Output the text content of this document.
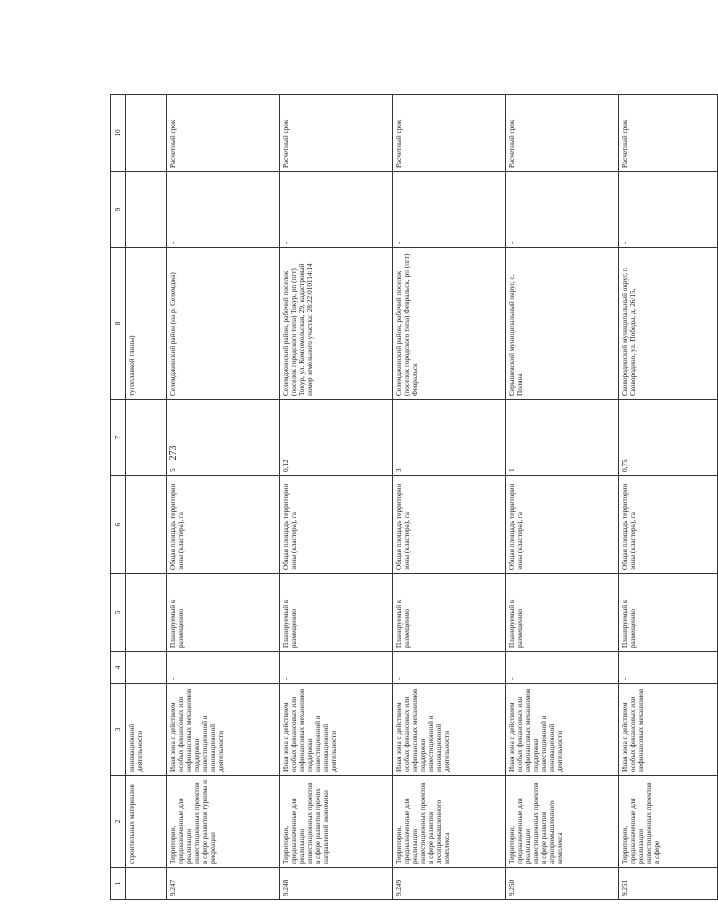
273
1	2	3	4	5	6	7	8	9	10
	строительных материалов	инновационной деятельности					тугоплавкой глины)		
9.247	Территории, предназначенные для реализации инвестиционных проектов в сфере развития туризма и рекреации	Иная зона с действием особых финансовых или нефинансовых механизмов поддержки инвестиционной и инновационной деятельности	-	Планируемый к размещению	Общая площадь территории зоны (кластера), га	5	Селемджинский район (на р. Селемджа)	-	Расчетный срок
9.248	Территории, предназначенные для реализации инвестиционных проектов в сфере развития прочих направлений экономики	Иная зона с действием особых финансовых или нефинансовых механизмов поддержки инвестиционной и инновационной деятельности	-	Планируемый к размещению	Общая площадь территории зоны (кластера), га	0,12	Селемджинский район, рабочий поселок (поселок городского типа) Токур, рп (пгт) Токур, ул. Комсомольская, 29, кадастровый номер земельного участка: 28:22:010114:14	-	Расчетный срок
9.249	Территории, предназначенные для реализации инвестиционных проектов в сфере развития лесопромышленного комплекса	Иная зона с действием особых финансовых или нефинансовых механизмов поддержки инвестиционной и инновационной деятельности	-	Планируемый к размещению	Общая площадь территории зоны (кластера), га	3	Селемджинский район, рабочий поселок (поселок городского типа) Февральск, рп (пгт) Февральск	-	Расчетный срок
9.250	Территории, предназначенные для реализации инвестиционных проектов в сфере развития агропромышленного комплекса	Иная зона с действием особых финансовых или нефинансовых механизмов поддержки инвестиционной и инновационной деятельности	-	Планируемый к размещению	Общая площадь территории зоны (кластера), га	1	Серышевский муниципальный округ, с. Поляна	-	Расчетный срок
9.251	Территории, предназначенные для реализации инвестиционных проектов в сфере	Иная зона с действием особых финансовых или нефинансовых механизмов	-	Планируемый к размещению	Общая площадь территории зоны (кластера), га	0,75	Сковородинский муниципальный округ, г. Сковородино, ул. Победы, д. 26/15,	-	Расчетный срок
